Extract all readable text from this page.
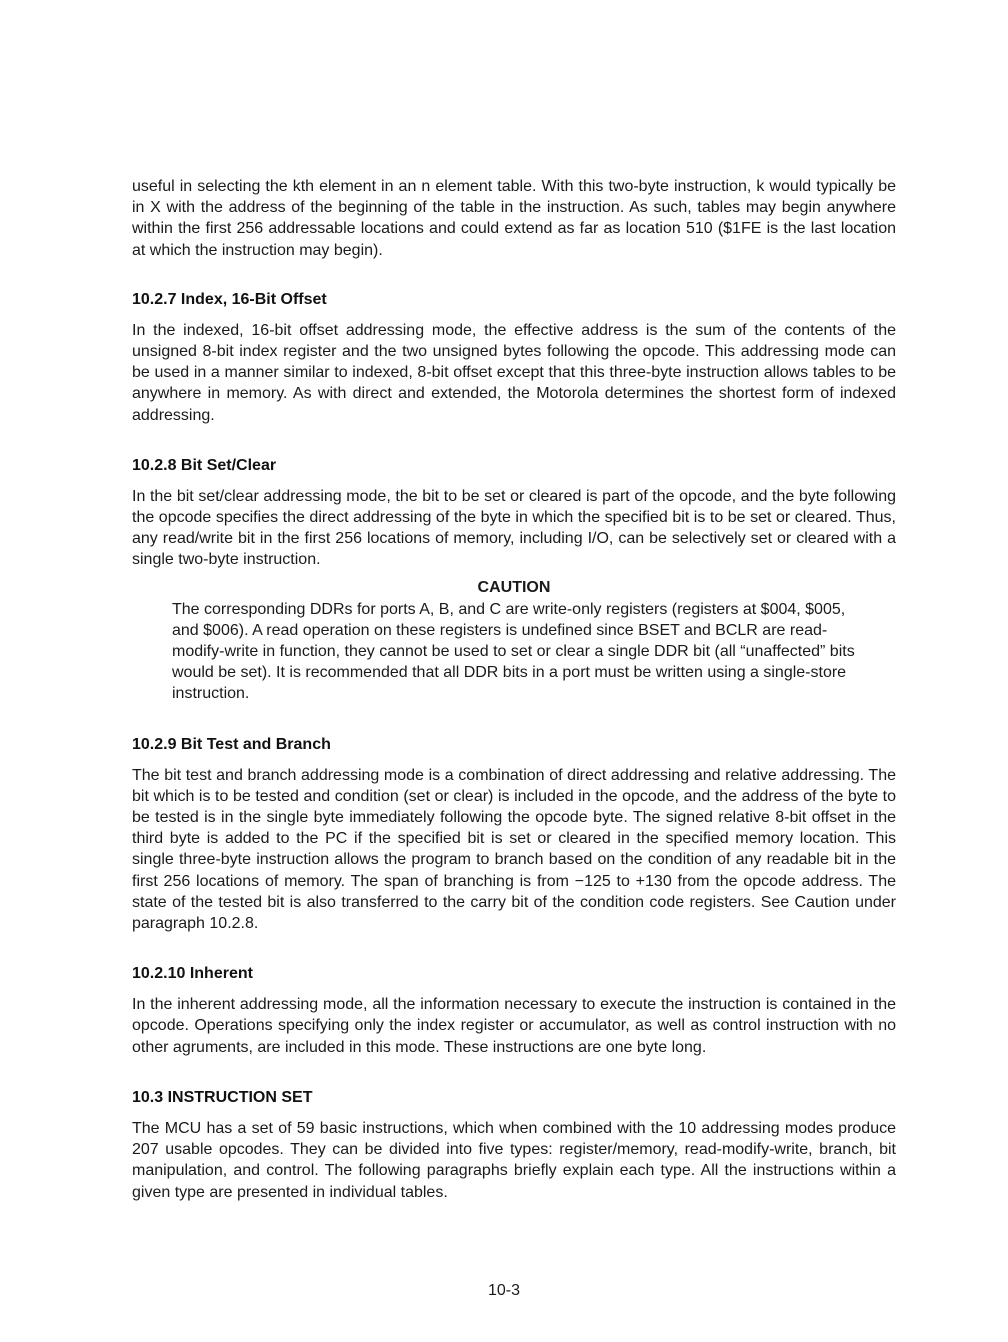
useful in selecting the kth element in an n element table. With this two-byte instruction, k would typically be in X with the address of the beginning of the table in the instruction. As such, tables may begin anywhere within the first 256 addressable locations and could extend as far as location 510 ($1FE is the last location at which the instruction may begin).

10.2.7 Index, 16-Bit Offset

In the indexed, 16-bit offset addressing mode, the effective address is the sum of the contents of the unsigned 8-bit index register and the two unsigned bytes following the opcode. This addressing mode can be used in a manner similar to indexed, 8-bit offset except that this three-byte instruction allows tables to be anywhere in memory. As with direct and extended, the Motorola determines the shortest form of indexed addressing.

10.2.8 Bit Set/Clear

In the bit set/clear addressing mode, the bit to be set or cleared is part of the opcode, and the byte following the opcode specifies the direct addressing of the byte in which the specified bit is to be set or cleared. Thus, any read/write bit in the first 256 locations of memory, including I/O, can be selectively set or cleared with a single two-byte instruction.

CAUTION

The corresponding DDRs for ports A, B, and C are write-only registers (registers at $004, $005, and $006). A read operation on these registers is undefined since BSET and BCLR are read-modify-write in function, they cannot be used to set or clear a single DDR bit (all “unaffected” bits would be set). It is recommended that all DDR bits in a port must be written using a single-store instruction.

10.2.9 Bit Test and Branch

The bit test and branch addressing mode is a combination of direct addressing and relative addressing. The bit which is to be tested and condition (set or clear) is included in the opcode, and the address of the byte to be tested is in the single byte immediately following the opcode byte. The signed relative 8-bit offset in the third byte is added to the PC if the specified bit is set or cleared in the specified memory location. This single three-byte instruction allows the program to branch based on the condition of any readable bit in the first 256 locations of memory. The span of branching is from −125 to +130 from the opcode address. The state of the tested bit is also transferred to the carry bit of the condition code registers. See Caution under paragraph 10.2.8.

10.2.10 Inherent

In the inherent addressing mode, all the information necessary to execute the instruction is contained in the opcode. Operations specifying only the index register or accumulator, as well as control instruction with no other agruments, are included in this mode. These instructions are one byte long.

10.3 INSTRUCTION SET

The MCU has a set of 59 basic instructions, which when combined with the 10 addressing modes produce 207 usable opcodes. They can be divided into five types: register/memory, read-modify-write, branch, bit manipulation, and control. The following paragraphs briefly explain each type. All the instructions within a given type are presented in individual tables.

10-3
